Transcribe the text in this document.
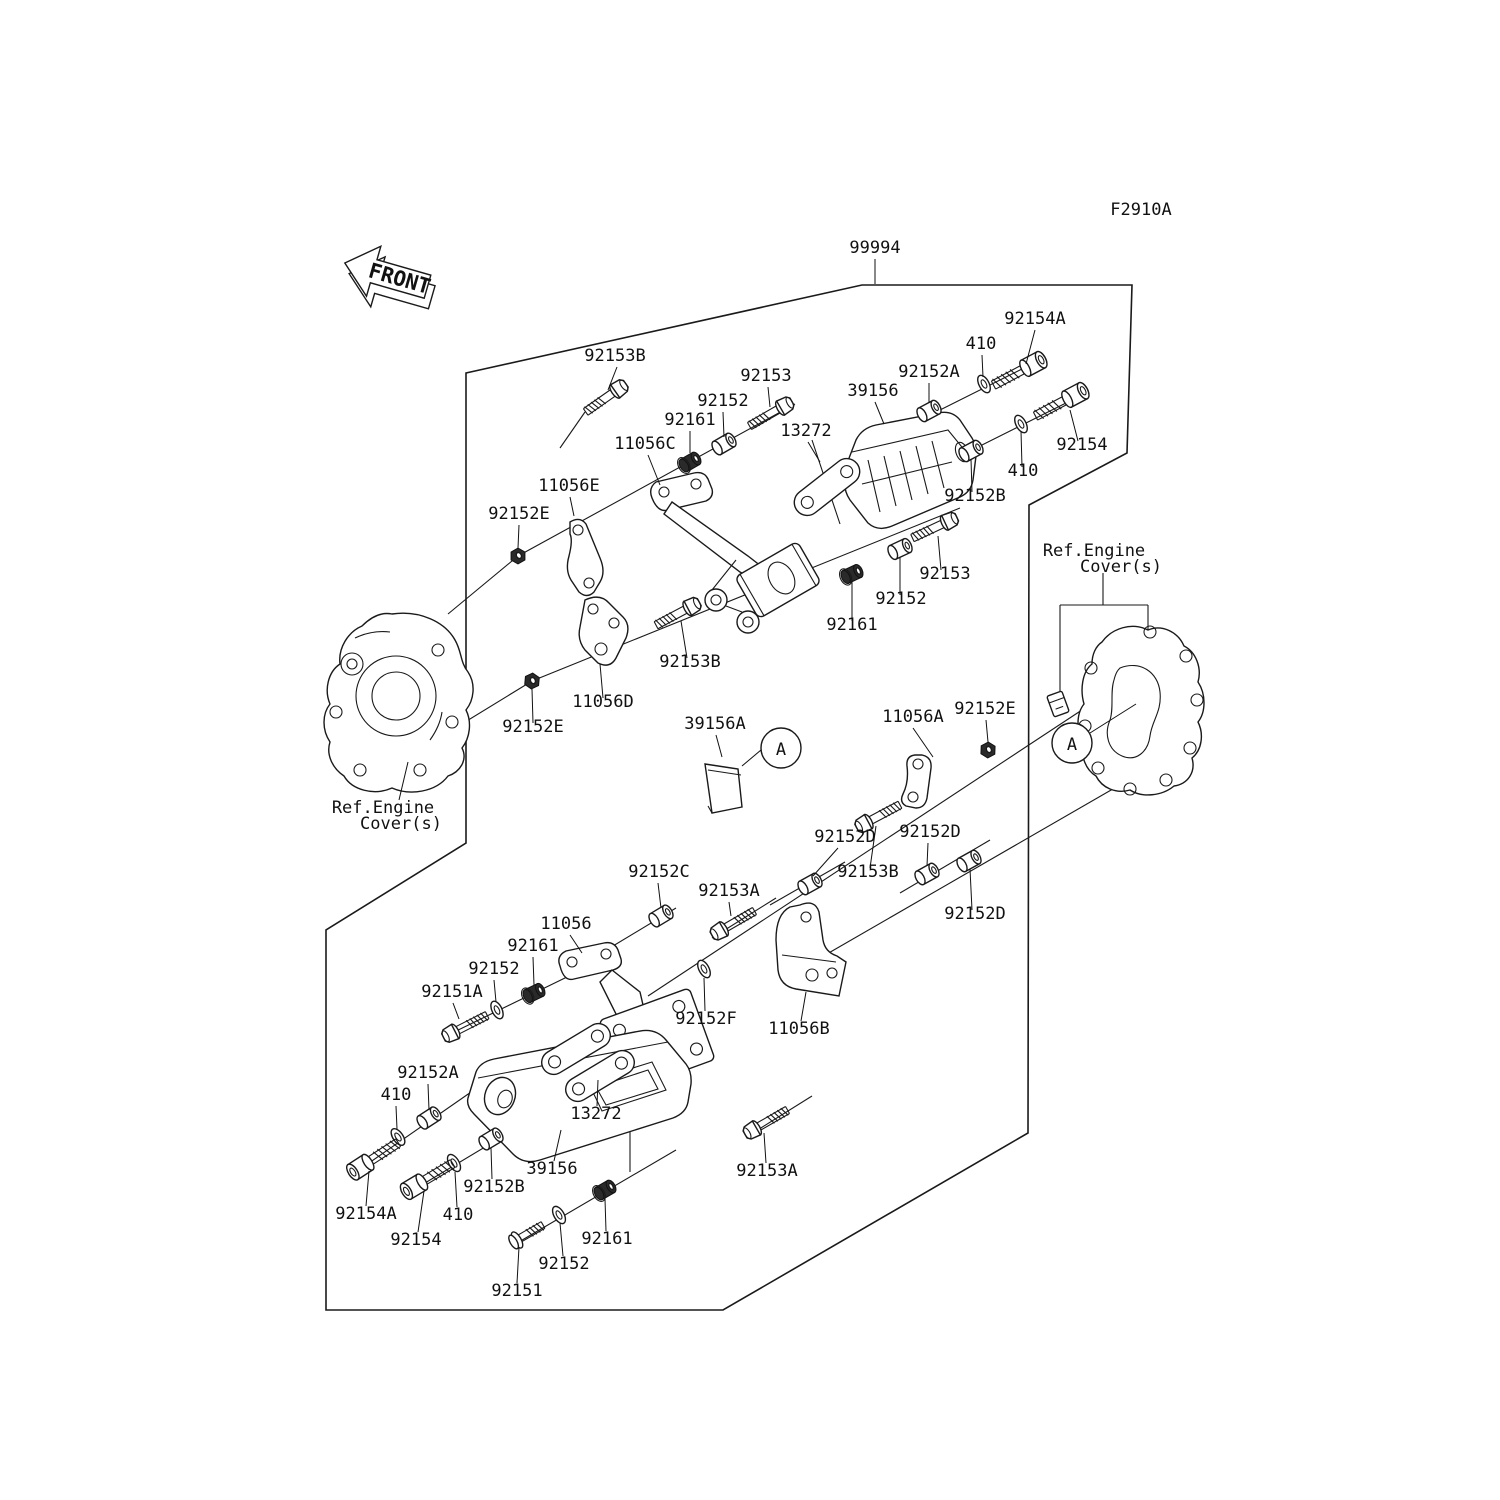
FRONT
F2910A
99994
92153B
92153
92152
92161
11056C
13272
39156
92152A
410
92154A
92154
410
92152B
92153
92152
92161
92153B
11056D
92152E
92152E
11056E
Ref.Engine
Cover(s)
39156A
A
11056A 92152E
Ref.Engine
Cover(s)
92152D 92152D
92152D
92153B
92152C
92153A
11056
92161
92152
92151A
92152A
410
92154A
92154
410
92152B
39156
13272
92152F 11056B
92153A
92161
92152
92151
A
